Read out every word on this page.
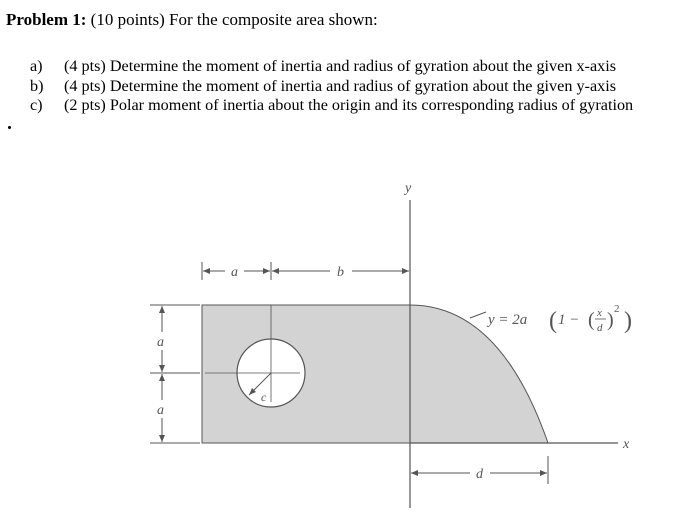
Problem 1: (10 points) For the composite area shown:
a) (4 pts) Determine the moment of inertia and radius of gyration about the given x-axis
b) (4 pts) Determine the moment of inertia and radius of gyration about the given y-axis
c) (2 pts) Polar moment of inertia about the origin and its corresponding radius of gyration
c
y
x
a	b
a
a
d
y = 2a ( 1 − ( x
d ) 2 )
